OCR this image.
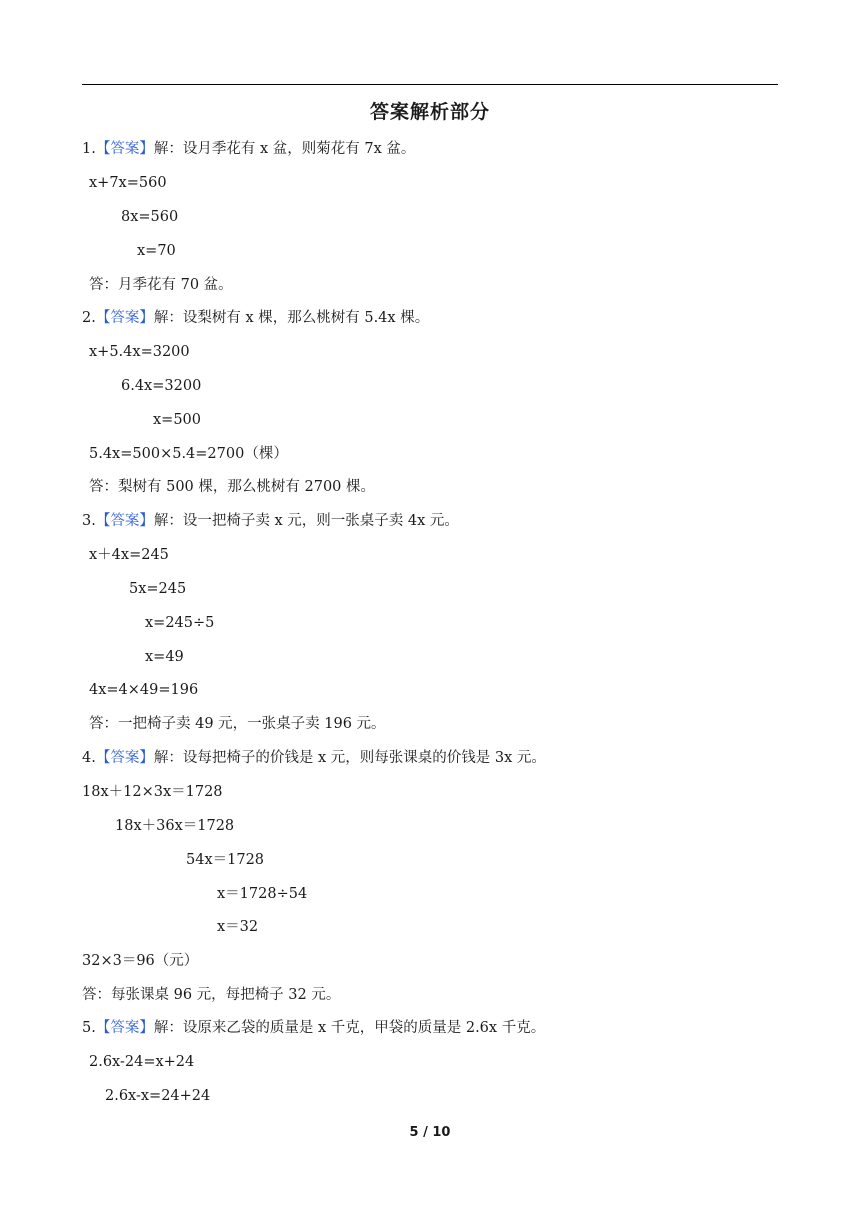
答案解析部分
1.【答案】解：设月季花有 x 盆，则菊花有 7x 盆。
x+7x=560
8x=560
x=70
答：月季花有 70 盆。
2.【答案】解：设梨树有 x 棵，那么桃树有 5.4x 棵。
x+5.4x=3200
6.4x=3200
x=500
5.4x=500×5.4=2700（棵）
答：梨树有 500 棵，那么桃树有 2700 棵。
3.【答案】解：设一把椅子卖 x 元，则一张桌子卖 4x 元。
x＋4x=245
5x=245
x=245÷5
x=49
4x=4×49=196
答：一把椅子卖 49 元，一张桌子卖 196 元。
4.【答案】解：设每把椅子的价钱是 x 元，则每张课桌的价钱是 3x 元。
18x＋12×3x＝1728
18x＋36x＝1728
54x＝1728
x＝1728÷54
x＝32
32×3＝96（元）
答：每张课桌 96 元，每把椅子 32 元。
5.【答案】解：设原来乙袋的质量是 x 千克，甲袋的质量是 2.6x 千克。
2.6x-24=x+24
2.6x-x=24+24
5 / 10
